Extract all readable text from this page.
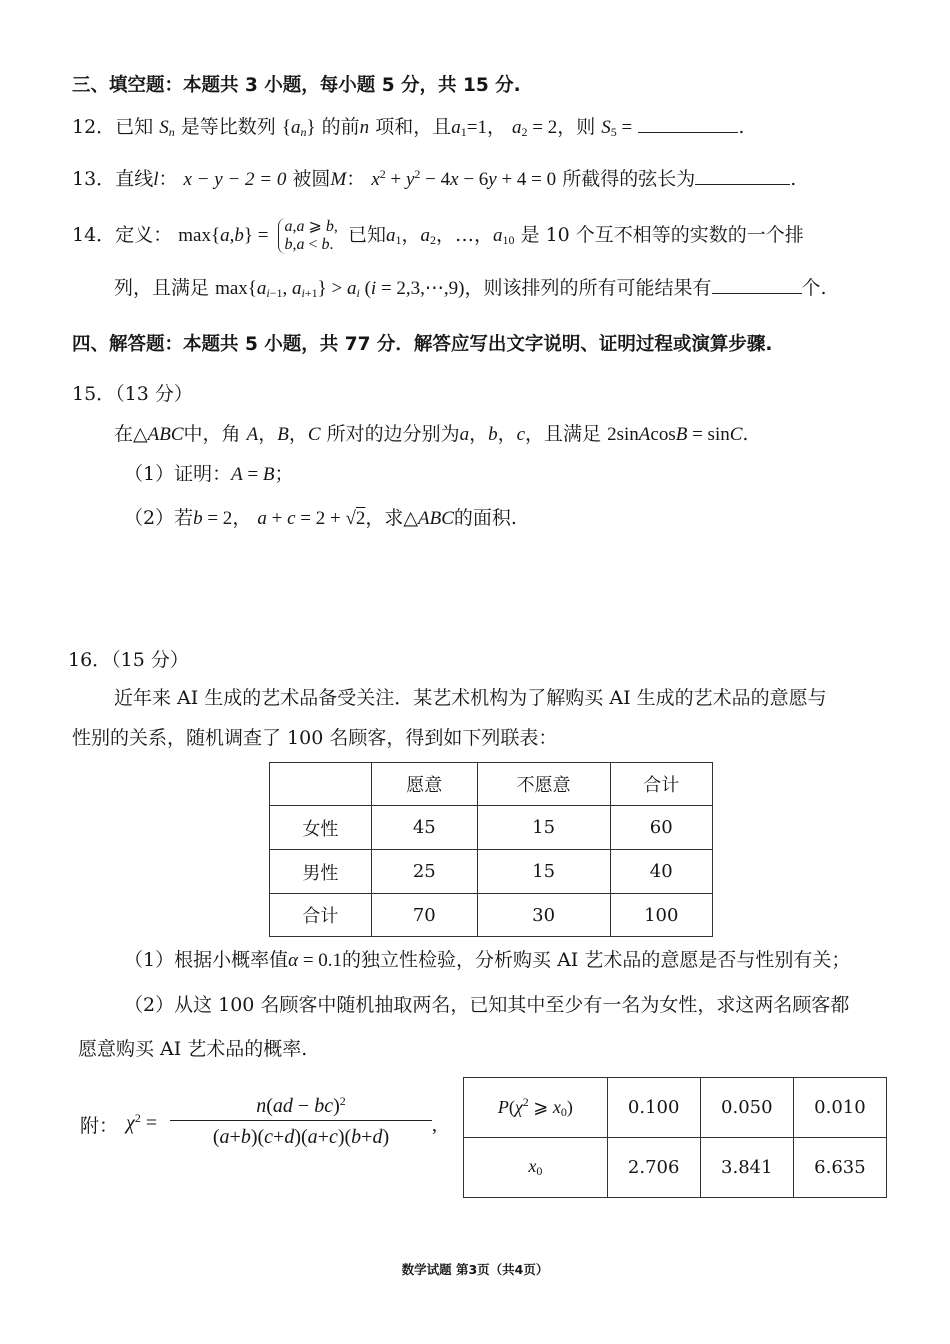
三、填空题：本题共 3 小题，每小题 5 分，共 15 分.
12．已知 $S_n$ 是等比数列 $\{a_n\}$ 的前n 项和，且$a_1=1$， $a_2 = 2$，则 $S_5$ =	.
13．直线l： x − y − 2 = 0 被圆M： $x^2 + y^2 - 4x - 6y + 4 = 0$ 所截得的弦长为	.
14．定义： max{a,b} = a,a ⩾ b,
b,a < b. 已知$a_1$，$a_2$，…，$a_{10}$ 是 10 个互不相等的实数的一个排
列，且满足 $\max\{a_{i-1}$, $a_{i+1}\} > a_i$ (i = 2,3,⋯,9)，则该排列的所有可能结果有	个.
四、解答题：本题共 5 小题，共 77 分．解答应写出文字说明、证明过程或演算步骤.
15．（13 分）
在△ABC中，角 A，B，C 所对的边分别为a，b，c，且满足 2sinAcosB = sinC.
（1）证明：A = B；
（2）若b = 2， a + c = 2 + √2，求△ABC的面积.
16．（15 分）
近年来 AI 生成的艺术品备受关注．某艺术机构为了解购买 AI 生成的艺术品的意愿与
性别的关系，随机调查了 100 名顾客，得到如下列联表：
	愿意	不愿意	合计
女性	45	15	60
男性	25	15	40
合计	70	30	100
（1）根据小概率值α = 0.1的独立性检验，分析购买 AI 艺术品的意愿是否与性别有关；
（2）从这 100 名顾客中随机抽取两名，已知其中至少有一名为女性，求这两名顾客都
愿意购买 AI 艺术品的概率.
附： $\chi^2$ =
n(ad − bc)$^2$
(a+b)(c+d)(a+c)(b+d)
,
$P(\chi^2$ ⩾ $x_0$)	0.100	0.050	0.010
$x_0$	2.706	3.841	6.635
数学试题 第3页（共4页）
